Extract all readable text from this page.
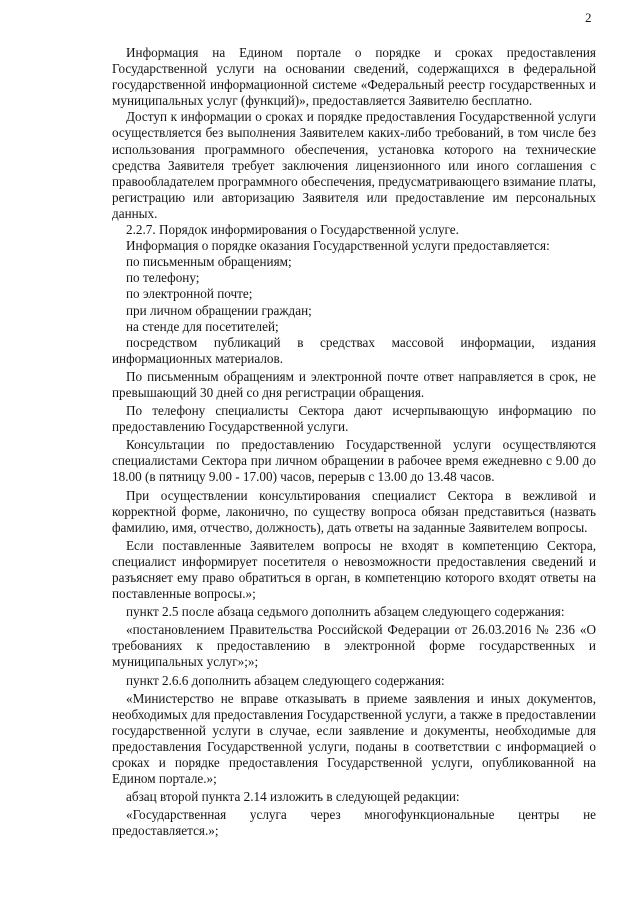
2

Информация на Едином портале о порядке и сроках предоставления Государственной услуги на основании сведений, содержащихся в федеральной государственной информационной системе «Федеральный реестр государственных и муниципальных услуг (функций)», предоставляется Заявителю бесплатно.

Доступ к информации о сроках и порядке предоставления Государственной услуги осуществляется без выполнения Заявителем каких-либо требований, в том числе без использования программного обеспечения, установка которого на технические средства Заявителя требует заключения лицензионного или иного соглашения с правообладателем программного обеспечения, предусматривающего взимание платы, регистрацию или авторизацию Заявителя или предоставление им персональных данных.

2.2.7. Порядок информирования о Государственной услуге.

Информация о порядке оказания Государственной услуги предоставляется:

по письменным обращениям;

по телефону;

по электронной почте;

при личном обращении граждан;

на стенде для посетителей;

посредством публикаций в средствах массовой информации, издания информационных материалов.

По письменным обращениям и электронной почте ответ направляется в срок, не превышающий 30 дней со дня регистрации обращения.

По телефону специалисты Сектора дают исчерпывающую информацию по предоставлению Государственной услуги.

Консультации по предоставлению Государственной услуги осуществляются специалистами Сектора при личном обращении в рабочее время ежедневно с 9.00 до 18.00 (в пятницу 9.00 - 17.00) часов, перерыв с 13.00 до 13.48 часов.

При осуществлении консультирования специалист Сектора в вежливой и корректной форме, лаконично, по существу вопроса обязан представиться (назвать фамилию, имя, отчество, должность), дать ответы на заданные Заявителем вопросы.

Если поставленные Заявителем вопросы не входят в компетенцию Сектора, специалист информирует посетителя о невозможности предоставления сведений и разъясняет ему право обратиться в орган, в компетенцию которого входят ответы на поставленные вопросы.»;

пункт 2.5 после абзаца седьмого дополнить абзацем следующего содержания:

«постановлением Правительства Российской Федерации от 26.03.2016 № 236 «О требованиях к предоставлению в электронной форме государственных и муниципальных услуг»;»;

пункт 2.6.6 дополнить абзацем следующего содержания:

«Министерство не вправе отказывать в приеме заявления и иных документов, необходимых для предоставления Государственной услуги, а также в предоставлении государственной услуги в случае, если заявление и документы, необходимые для предоставления Государственной услуги, поданы в соответствии с информацией о сроках и порядке предоставления Государственной услуги, опубликованной на Едином портале.»;

абзац второй пункта 2.14 изложить в следующей редакции:

«Государственная услуга через многофункциональные центры не предоставляется.»;
